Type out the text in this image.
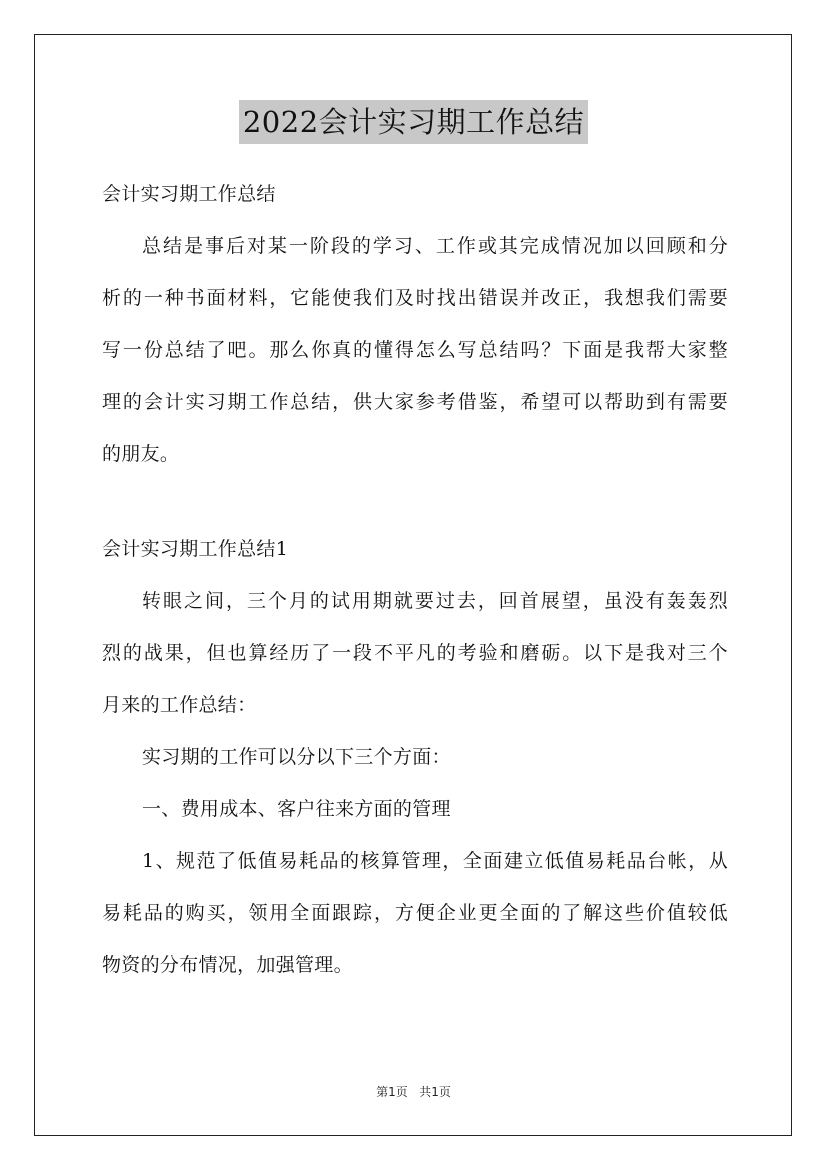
2022会计实习期工作总结
会计实习期工作总结
总结是事后对某一阶段的学习、工作或其完成情况加以回顾和分
析的一种书面材料，它能使我们及时找出错误并改正，我想我们需要
写一份总结了吧。那么你真的懂得怎么写总结吗？下面是我帮大家整
理的会计实习期工作总结，供大家参考借鉴，希望可以帮助到有需要
的朋友。
会计实习期工作总结1
转眼之间，三个月的试用期就要过去，回首展望，虽没有轰轰烈
烈的战果，但也算经历了一段不平凡的考验和磨砺。以下是我对三个
月来的工作总结：
实习期的工作可以分以下三个方面：
一、费用成本、客户往来方面的管理
1、规范了低值易耗品的核算管理，全面建立低值易耗品台帐，从
易耗品的购买，领用全面跟踪，方便企业更全面的了解这些价值较低
物资的分布情况，加强管理。
第1页   共1页
